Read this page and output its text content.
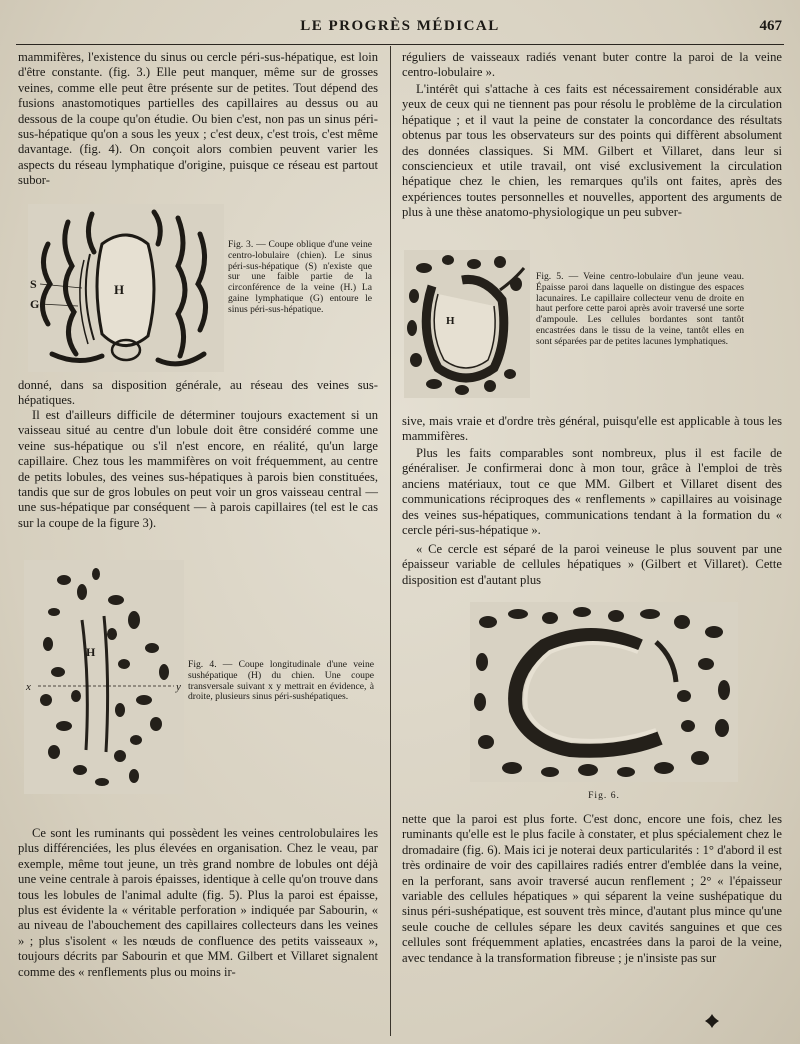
LE PROGRÈS MÉDICAL	467

mammifères, l'existence du sinus ou cercle péri-sus-hépatique, est loin d'être constante. (fig. 3.) Elle peut manquer, même sur de grosses veines, comme elle peut être présente sur de petites. Tout dépend des fusions anastomotiques partielles des capillaires au dessus ou au dessous de la coupe qu'on étudie. Ou bien c'est, non pas un sinus péri-sus-hépatique qu'on a sous les yeux ; c'est deux, c'est trois, c'est même davantage. (fig. 4). On conçoit alors combien peuvent varier les aspects du réseau lymphatique d'origine, puisque ce réseau est partout subor-

H
S
G

Fig. 3. — Coupe oblique d'une veine centro-lobulaire (chien). Le sinus péri-sus-hépatique (S) n'existe que sur une faible partie de la circonférence de la veine (H.) La gaine lymphatique (G) entoure le sinus péri-sus-hépatique.

donné, dans sa disposition générale, au réseau des veines sus-hépatiques.

Il est d'ailleurs difficile de déterminer toujours exactement si un vaisseau situé au centre d'un lobule doit être considéré comme une veine sus-hépatique ou s'il n'est encore, en réalité, qu'un large capillaire. Chez tous les mammifères on voit fréquemment, au centre de petits lobules, des veines sus-hépatiques à parois bien constituées, tandis que sur de gros lobules on peut voir un gros vaisseau central — une sus-hépatique par conséquent — à parois capillaires (tel est le cas sur la coupe de la figure 3).

H
x	y

Fig. 4. — Coupe longitudinale d'une veine sushépatique (H) du chien. Une coupe transversale suivant x y mettrait en évidence, à droite, plusieurs sinus péri-sushépatiques.

Ce sont les ruminants qui possèdent les veines centrolobulaires les plus différenciées, les plus élevées en organisation. Chez le veau, par exemple, même tout jeune, un très grand nombre de lobules ont déjà une veine centrale à parois épaisses, identique à celle qu'on trouve dans tous les lobules de l'animal adulte (fig. 5). Plus la paroi est épaisse, plus est évidente la « véritable perforation » indiquée par Sabourin, « au niveau de l'abouchement des capillaires collecteurs dans les veines » ; plus s'isolent « les nœuds de confluence des petits vaisseaux », toujours décrits par Sabourin et que MM. Gilbert et Villaret signalent comme des « renflements plus ou moins ir-

réguliers de vaisseaux radiés venant buter contre la paroi de la veine centro-lobulaire ».

L'intérêt qui s'attache à ces faits est nécessairement considérable aux yeux de ceux qui ne tiennent pas pour résolu le problème de la circulation hépatique ; et il vaut la peine de constater la concordance des résultats obtenus par tous les observateurs sur des points qui diffèrent absolument des données classiques. Si MM. Gilbert et Villaret, dans leur si consciencieux et utile travail, ont visé exclusivement la circulation hépatique chez le chien, les remarques qu'ils ont faites, après des expériences toutes personnelles et nouvelles, apportent des arguments de plus à une thèse anatomo-physiologique un peu subver-

H

Fig. 5. — Veine centro-lobulaire d'un jeune veau. Épaisse paroi dans laquelle on distingue des espaces lacunaires. Le capillaire collecteur venu de droite en haut perfore cette paroi après avoir traversé une sorte d'ampoule. Les cellules bordantes sont tantôt encastrées dans le tissu de la veine, tantôt elles en sont séparées par de petites lacunes lymphatiques.

sive, mais vraie et d'ordre très général, puisqu'elle est applicable à tous les mammifères.

Plus les faits comparables sont nombreux, plus il est facile de généraliser. Je confirmerai donc à mon tour, grâce à l'emploi de très anciens matériaux, tout ce que MM. Gilbert et Villaret disent des communications réciproques des « renflements » capillaires au voisinage des veines sus-hépatiques, communications tendant à la formation du « cercle péri-sus-hépatique ».

« Ce cercle est séparé de la paroi veineuse le plus souvent par une épaisseur variable de cellules hépatiques » (Gilbert et Villaret). Cette disposition est d'autant plus

Fig. 6.

nette que la paroi est plus forte. C'est donc, encore une fois, chez les ruminants qu'elle est le plus facile à constater, et plus spécialement chez le dromadaire (fig. 6). Mais ici je noterai deux particularités : 1° d'abord il est très ordinaire de voir des capillaires radiés entrer d'emblée dans la veine, en la perforant, sans avoir traversé aucun renflement ; 2° « l'épaisseur variable des cellules hépatiques » qui séparent la veine sushépatique du sinus péri-sushépatique, est souvent très mince, d'autant plus mince qu'une seule couche de cellules sépare les deux cavités sanguines et que ces cellules sont fréquemment aplaties, encastrées dans la paroi de la veine, avec tendance à la transformation fibreuse ; je n'insiste pas sur
